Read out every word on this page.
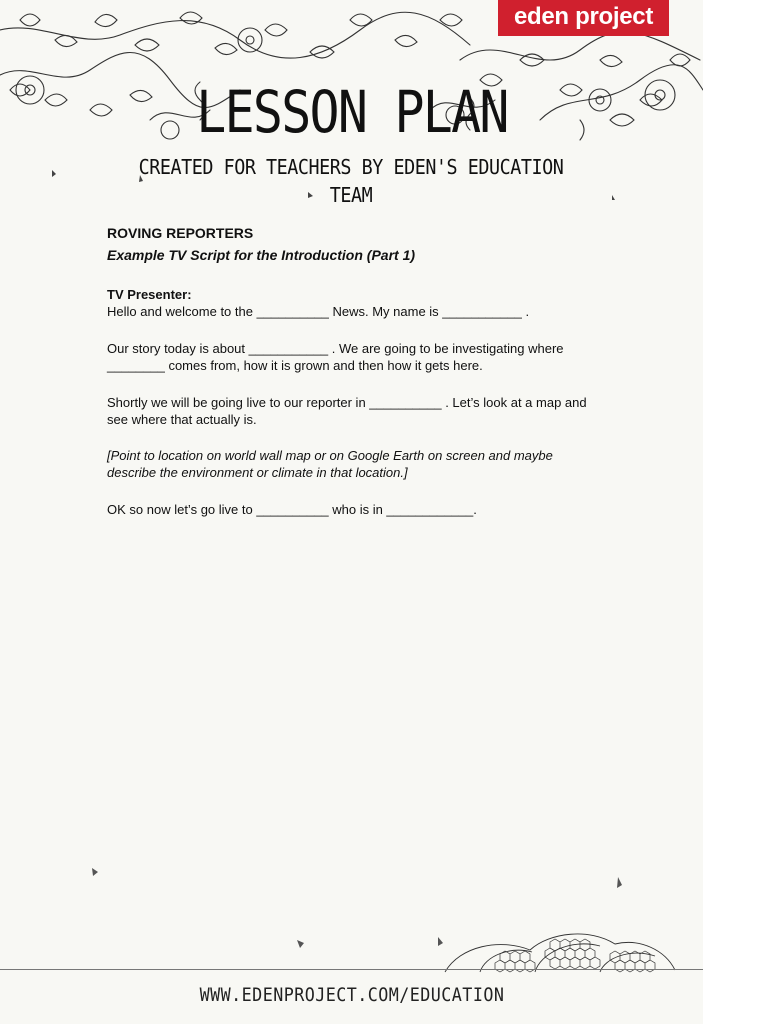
eden project
LESSON PLAN
CREATED FOR TEACHERS BY EDEN'S EDUCATION TEAM

ROVING REPORTERS

Example TV Script for the Introduction (Part 1)

TV Presenter:

Hello and welcome to the __________ News. My name is ___________ .

Our story today is about ___________ . We are going to be investigating where

________ comes from, how it is grown and then how it gets here.

Shortly we will be going live to our reporter in __________ . Let’s look at a map and

see where that actually is.

[Point to location on world wall map or on Google Earth on screen and maybe

describe the environment or climate in that location.]

OK so now let’s go live to __________ who is in ____________.

WWW.EDENPROJECT.COM/EDUCATION
